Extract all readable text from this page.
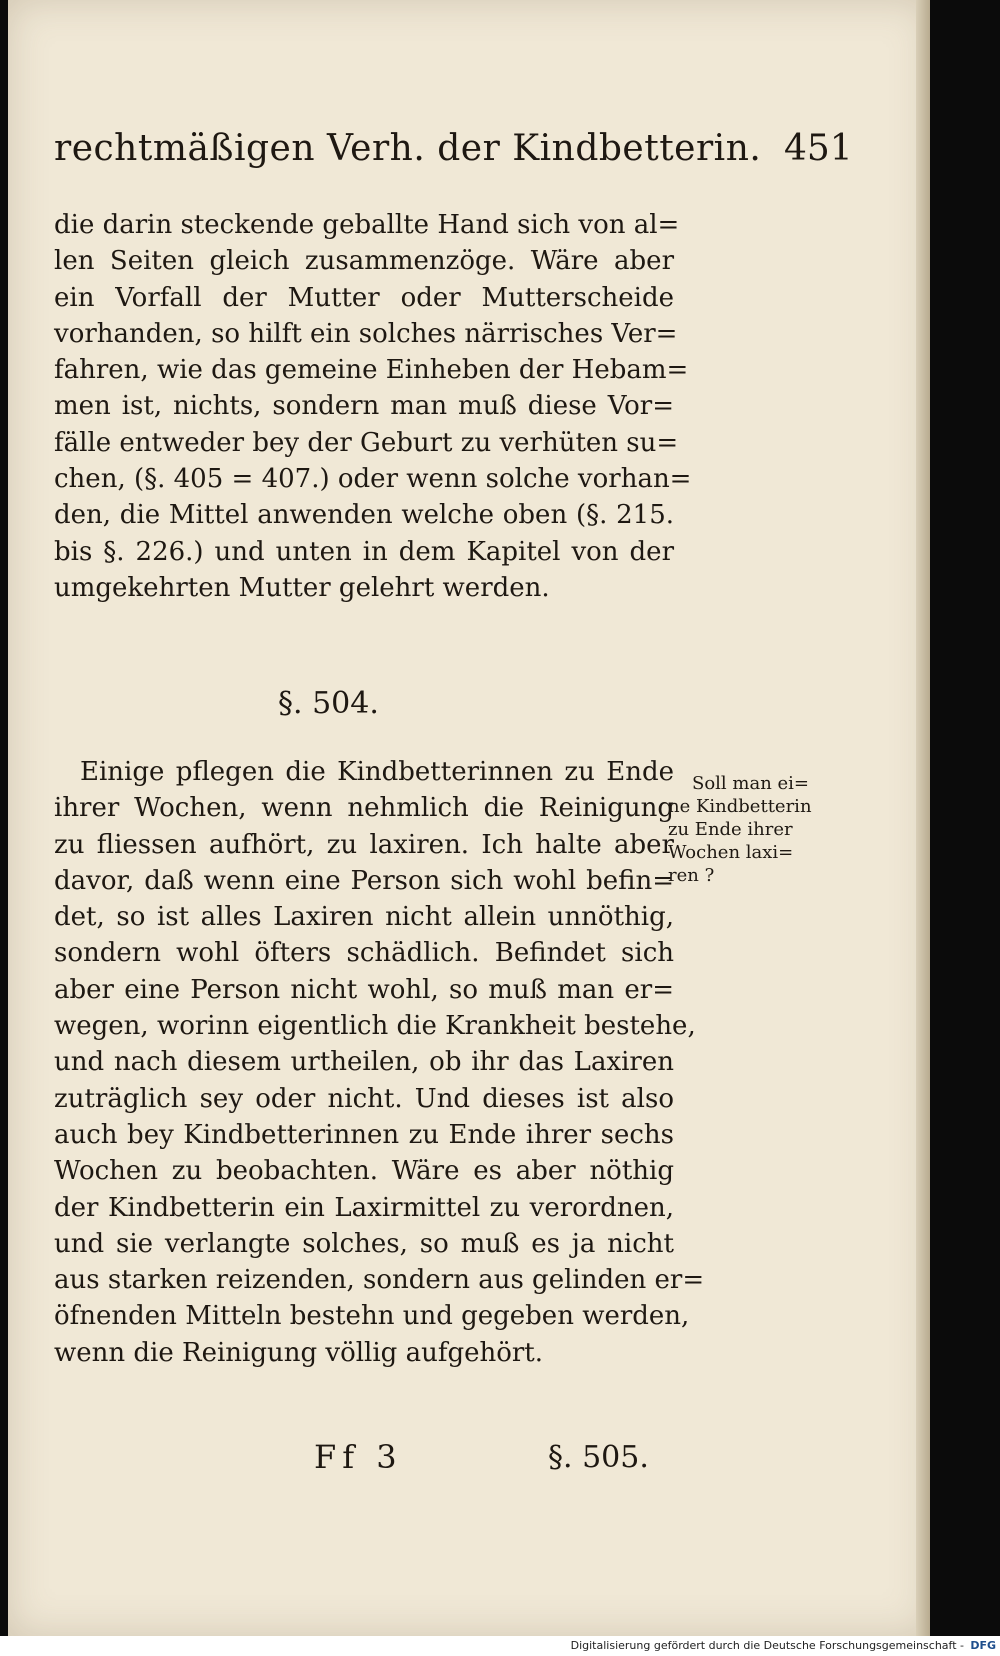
rechtmäßigen Verh. der Kindbetterin. 451
die darin steckende geballte Hand sich von al=
len Seiten gleich zusammenzöge. Wäre aber
ein Vorfall der Mutter oder Mutterscheide
vorhanden, so hilft ein solches närrisches Ver=
fahren, wie das gemeine Einheben der Hebam=
men ist, nichts, sondern man muß diese Vor=
fälle entweder bey der Geburt zu verhüten su=
chen, (§. 405 = 407.) oder wenn solche vorhan=
den, die Mittel anwenden welche oben (§. 215.
bis §. 226.) und unten in dem Kapitel von der
umgekehrten Mutter gelehrt werden.
§. 504.
Einige pflegen die Kindbetterinnen zu Ende
ihrer Wochen, wenn nehmlich die Reinigung
zu fliessen aufhört, zu laxiren. Ich halte aber
davor, daß wenn eine Person sich wohl befin=
det, so ist alles Laxiren nicht allein unnöthig,
sondern wohl öfters schädlich. Befindet sich
aber eine Person nicht wohl, so muß man er=
wegen, worinn eigentlich die Krankheit bestehe,
und nach diesem urtheilen, ob ihr das Laxiren
zuträglich sey oder nicht. Und dieses ist also
auch bey Kindbetterinnen zu Ende ihrer sechs
Wochen zu beobachten. Wäre es aber nöthig
der Kindbetterin ein Laxirmittel zu verordnen,
und sie verlangte solches, so muß es ja nicht
aus starken reizenden, sondern aus gelinden er=
öfnenden Mitteln bestehn und gegeben werden,
wenn die Reinigung völlig aufgehört.
Soll man ei=
ne Kindbetterin
zu Ende ihrer
Wochen laxi=
ren ?
Ff 3	§. 505.
Digitalisierung gefördert durch die Deutsche Forschungsgemeinschaft - DFG
